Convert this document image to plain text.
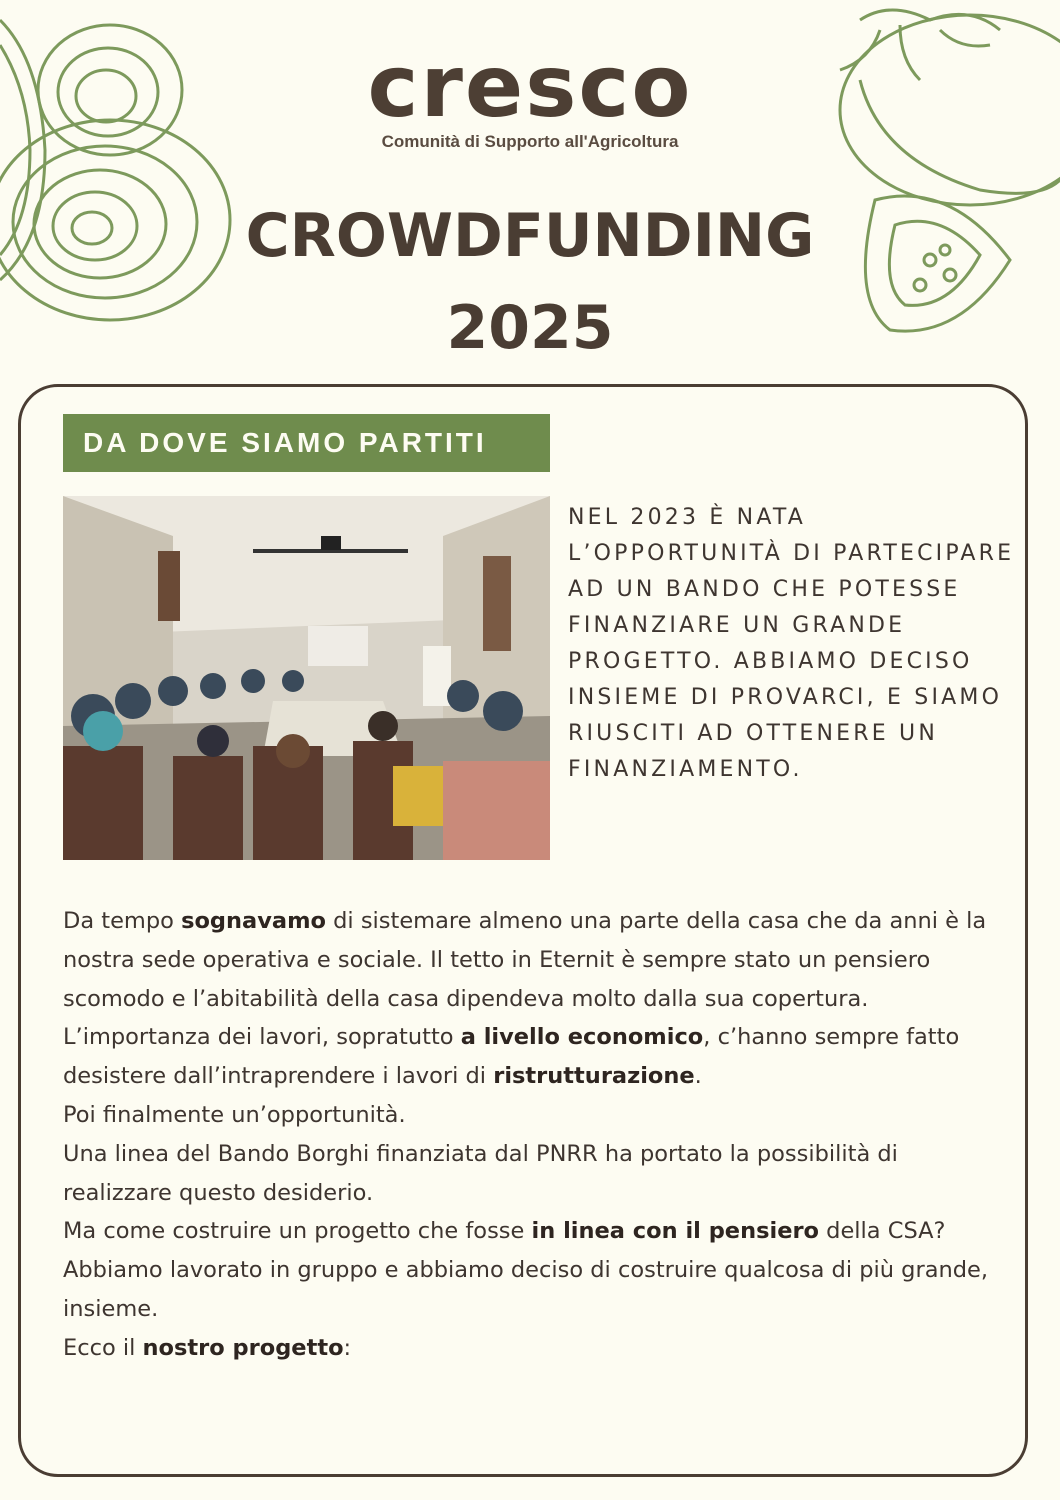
cresco
Comunità di Supporto all'Agricoltura
CROWDFUNDING
2025
DA DOVE SIAMO PARTITI

NEL 2023 È NATA L’OPPORTUNITÀ DI PARTECIPARE AD UN BANDO CHE POTESSE FINANZIARE UN GRANDE PROGETTO. ABBIAMO DECISO INSIEME DI PROVARCI, E SIAMO RIUSCITI AD OTTENERE UN FINANZIAMENTO.

Da tempo sognavamo di sistemare almeno una parte della casa che da anni è la nostra sede operativa e sociale. Il tetto in Eternit è sempre stato un pensiero scomodo e l’abitabilità della casa dipendeva molto dalla sua copertura.

L’importanza dei lavori, sopratutto a livello economico, c’hanno sempre fatto desistere dall’intraprendere i lavori di ristrutturazione.

Poi finalmente un’opportunità.

Una linea del Bando Borghi finanziata dal PNRR ha portato la possibilità di realizzare questo desiderio.

Ma come costruire un progetto che fosse in linea con il pensiero della CSA?

Abbiamo lavorato in gruppo e abbiamo deciso di costruire qualcosa di più grande, insieme.

Ecco il nostro progetto:
